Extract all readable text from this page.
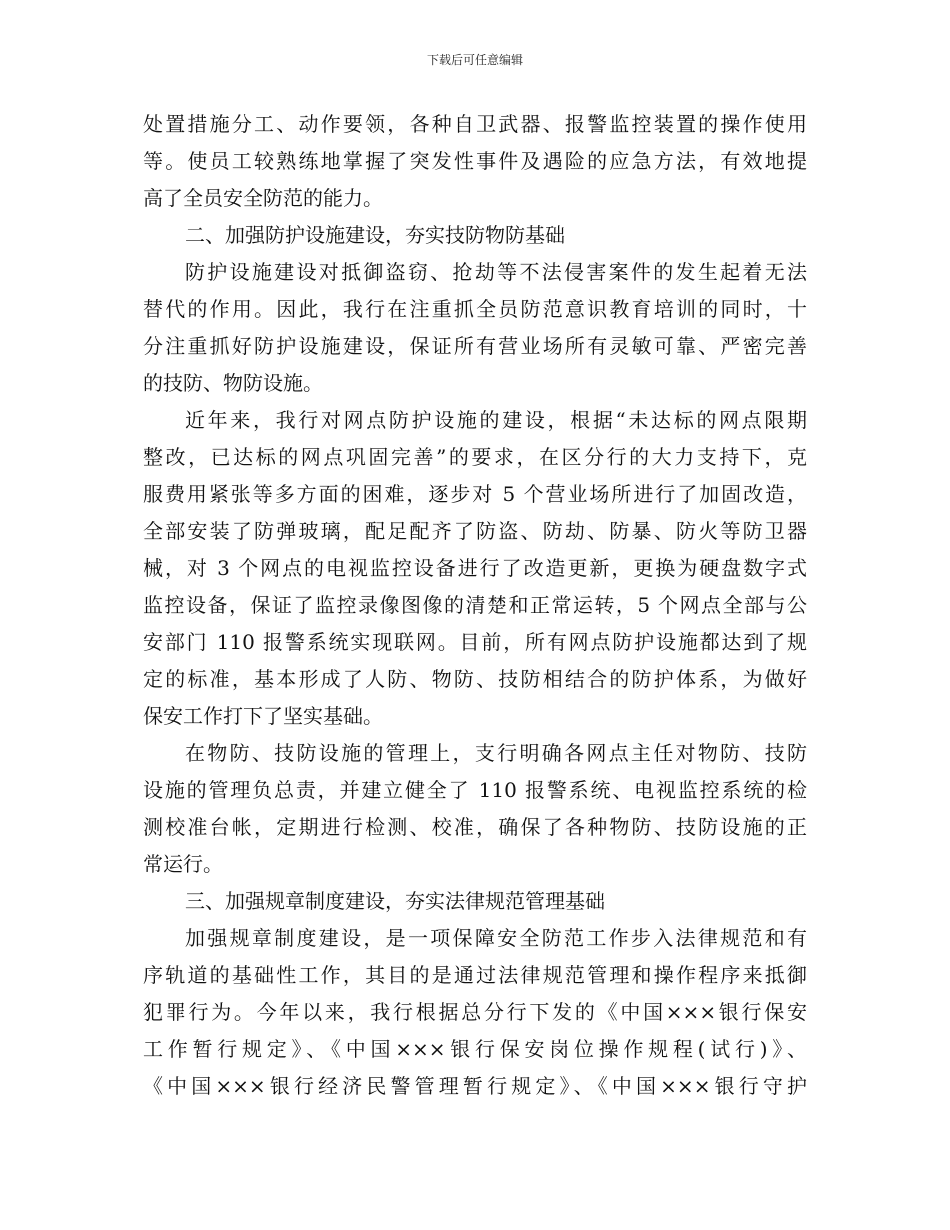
下载后可任意编辑
处置措施分工、动作要领，各种自卫武器、报警监控装置的操作使用
等。使员工较熟练地掌握了突发性事件及遇险的应急方法，有效地提
高了全员安全防范的能力。
二、加强防护设施建设，夯实技防物防基础
防护设施建设对抵御盗窃、抢劫等不法侵害案件的发生起着无法
替代的作用。因此，我行在注重抓全员防范意识教育培训的同时，十
分注重抓好防护设施建设，保证所有营业场所有灵敏可靠、严密完善
的技防、物防设施。
近年来，我行对网点防护设施的建设，根据“未达标的网点限期
整改，已达标的网点巩固完善”的要求，在区分行的大力支持下，克
服费用紧张等多方面的困难，逐步对 5 个营业场所进行了加固改造，
全部安装了防弹玻璃，配足配齐了防盗、防劫、防暴、防火等防卫器
械，对 3 个网点的电视监控设备进行了改造更新，更换为硬盘数字式
监控设备，保证了监控录像图像的清楚和正常运转，5 个网点全部与公
安部门 110 报警系统实现联网。目前，所有网点防护设施都达到了规
定的标准，基本形成了人防、物防、技防相结合的防护体系，为做好
保安工作打下了坚实基础。
在物防、技防设施的管理上，支行明确各网点主任对物防、技防
设施的管理负总责，并建立健全了 110 报警系统、电视监控系统的检
测校准台帐，定期进行检测、校准，确保了各种物防、技防设施的正
常运行。
三、加强规章制度建设，夯实法律规范管理基础
加强规章制度建设，是一项保障安全防范工作步入法律规范和有
序轨道的基础性工作，其目的是通过法律规范管理和操作程序来抵御
犯罪行为。今年以来，我行根据总分行下发的《中国×××银行保安
工作暂行规定》、《中国×××银行保安岗位操作规程(试行)》、
《中国×××银行经济民警管理暂行规定》、《中国×××银行守护
